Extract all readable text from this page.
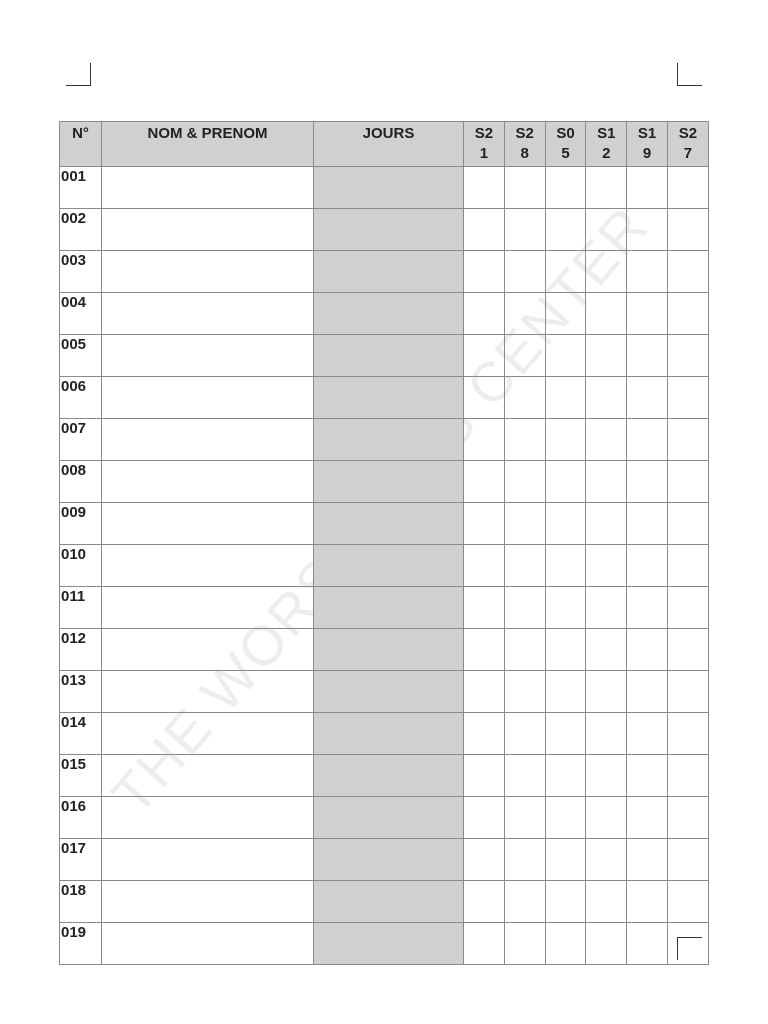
THE CENTER
N°	NOM & PRENOM	JOURS	S21	S28	S05	S12	S19	S27
001								
002								
003								
004								
005								
006								
007								
008								
009								
010								
011								
012								
013								
014								
015								
016								
017								
018								
019								
